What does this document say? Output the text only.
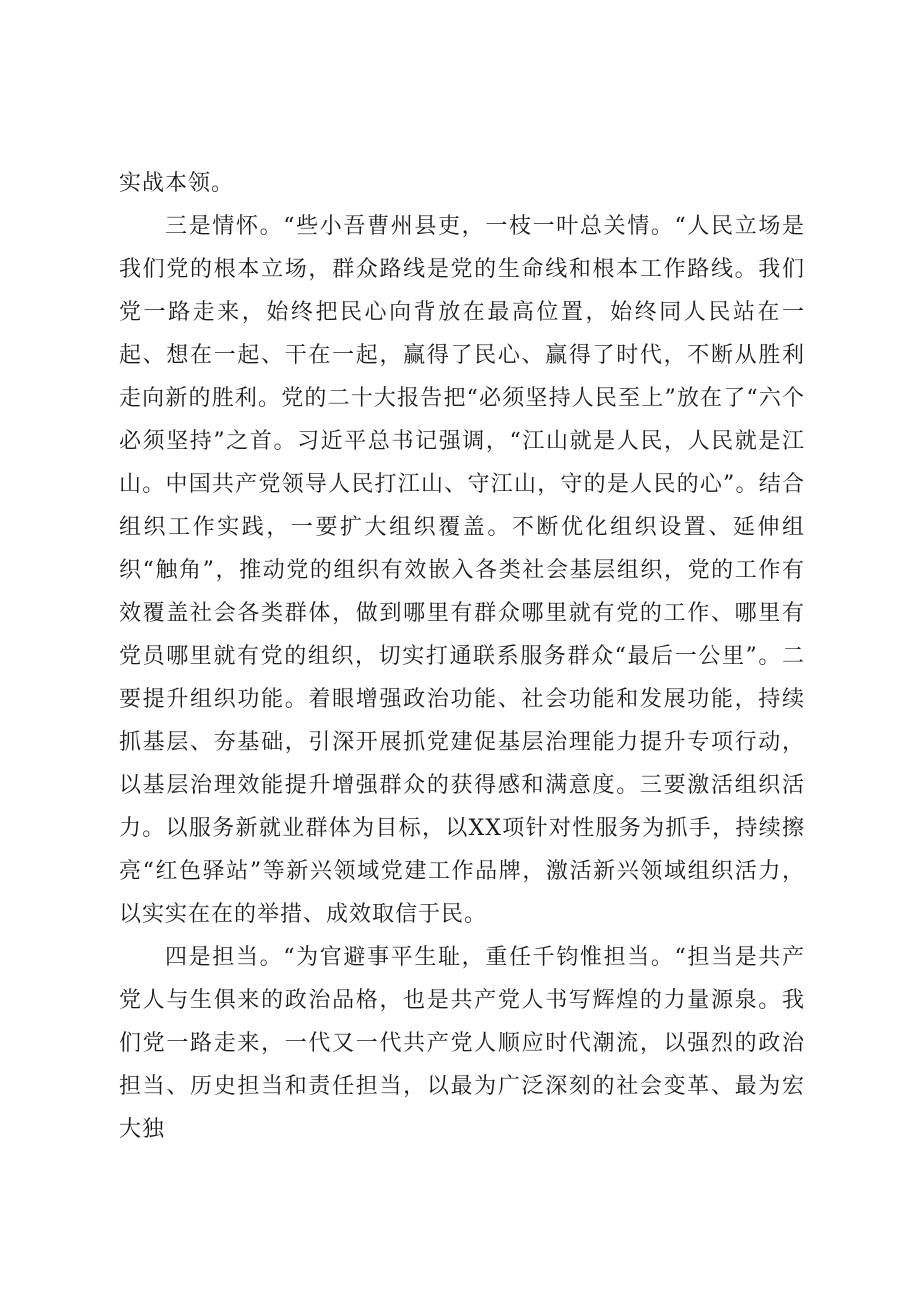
实战本领。

三是情怀。“些小吾曹州县吏，一枝一叶总关情。“人民立场是我们党的根本立场，群众路线是党的生命线和根本工作路线。我们党一路走来，始终把民心向背放在最高位置，始终同人民站在一起、想在一起、干在一起，赢得了民心、赢得了时代，不断从胜利走向新的胜利。党的二十大报告把“必须坚持人民至上”放在了“六个必须坚持”之首。习近平总书记强调，“江山就是人民，人民就是江山。中国共产党领导人民打江山、守江山，守的是人民的心”。结合组织工作实践，一要扩大组织覆盖。不断优化组织设置、延伸组织“触角”，推动党的组织有效嵌入各类社会基层组织，党的工作有效覆盖社会各类群体，做到哪里有群众哪里就有党的工作、哪里有党员哪里就有党的组织，切实打通联系服务群众“最后一公里”。二要提升组织功能。着眼增强政治功能、社会功能和发展功能，持续抓基层、夯基础，引深开展抓党建促基层治理能力提升专项行动，以基层治理效能提升增强群众的获得感和满意度。三要激活组织活力。以服务新就业群体为目标，以XX项针对性服务为抓手，持续擦亮“红色驿站”等新兴领域党建工作品牌，激活新兴领域组织活力，以实实在在的举措、成效取信于民。

四是担当。“为官避事平生耻，重任千钧惟担当。“担当是共产党人与生俱来的政治品格，也是共产党人书写辉煌的力量源泉。我们党一路走来，一代又一代共产党人顺应时代潮流，以强烈的政治担当、历史担当和责任担当，以最为广泛深刻的社会变革、最为宏大独
